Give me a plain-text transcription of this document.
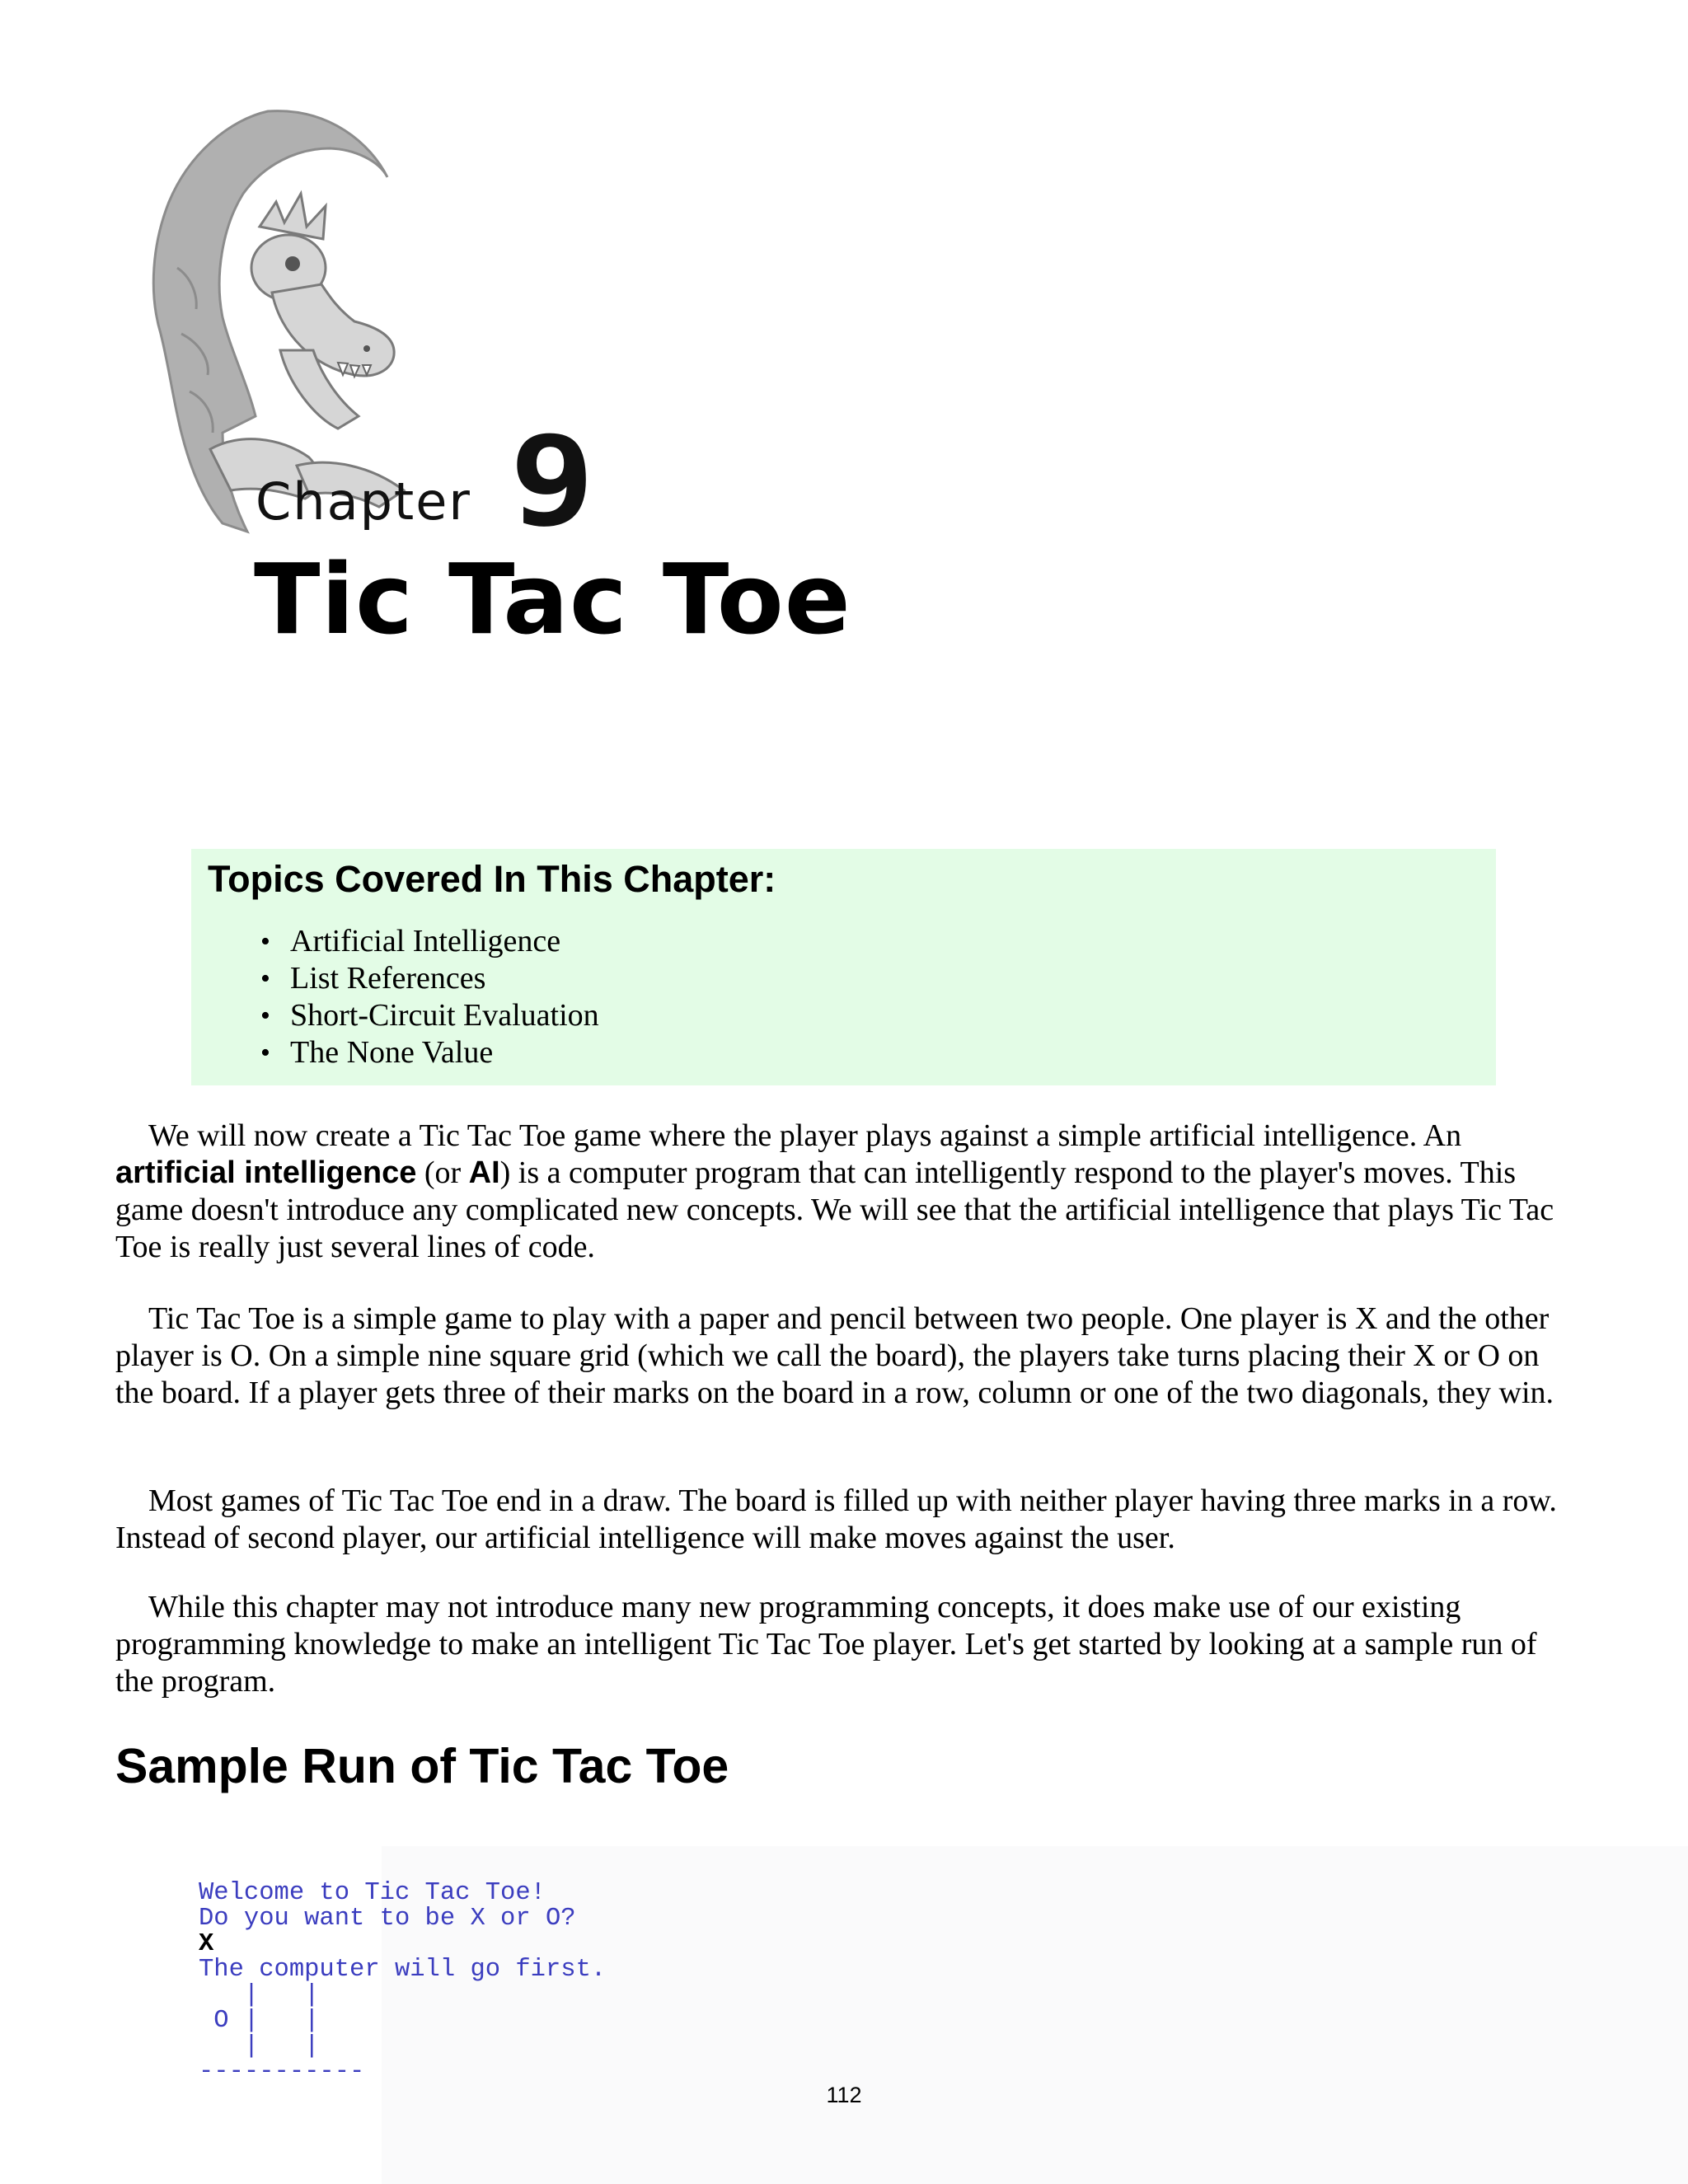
Chapter 9
Tic Tac Toe
Topics Covered In This Chapter:
• Artificial Intelligence
• List References
• Short-Circuit Evaluation
• The None Value

We will now create a Tic Tac Toe game where the player plays against a simple artificial intelligence. An artificial intelligence (or AI) is a computer program that can intelligently respond to the player's moves. This game doesn't introduce any complicated new concepts. We will see that the artificial intelligence that plays Tic Tac Toe is really just several lines of code.

Tic Tac Toe is a simple game to play with a paper and pencil between two people. One player is X and the other player is O. On a simple nine square grid (which we call the board), the players take turns placing their X or O on the board. If a player gets three of their marks on the board in a row, column or one of the two diagonals, they win.

Most games of Tic Tac Toe end in a draw. The board is filled up with neither player having three marks in a row. Instead of second player, our artificial intelligence will make moves against the user.

While this chapter may not introduce many new programming concepts, it does make use of our existing programming knowledge to make an intelligent Tic Tac Toe player. Let's get started by looking at a sample run of the program.

Sample Run of Tic Tac Toe
Welcome to Tic Tac Toe!
Do you want to be X or O?
X
The computer will go first.
|   |
O |   |
|   |
-----------
112
